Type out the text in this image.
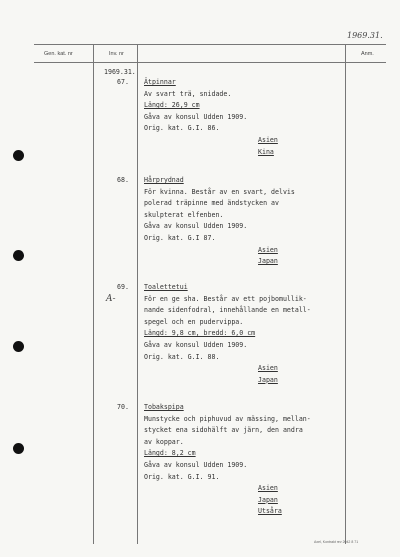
1969.31.
Gen. kat. nr	Inv. nr	Anm.
1969.31.
67. Ätpinnar
Av svart trä, snidade.
Längd: 26,9 cm
Gåva av konsul Udden 1909.
Orig. kat. G.I. 86.
Asien
Kina
68. Hårprydnad
För kvinna. Består av en svart, delvis
polerad träpinne med ändstycken av
skulpterat elfenben.
Gåva av konsul Udden 1909.
Orig. kat. G.I 87.
Asien
Japan
69. Toalettetui
För en ge sha. Består av ett pojbomullik-
nande sidenfodral, innehållande en metall-
spegel och en pudervippa.
Längd: 9,8 cm, bredd: 6,0 cm
Gåva av konsul Udden 1909.
Orig. kat. G.I. 88.
Asien
Japan
70. Tobakspipa
Munstycke och piphuvud av mässing, mellan-
stycket ena sidohälft av järn, den andra
av koppar.
Längd: 8,2 cm
Gåva av konsul Udden 1909.
Orig. kat. G.I. 91.
Asien
Japan
Utsåra
A-
Axel, Kontrakt rev 2042 8 71
